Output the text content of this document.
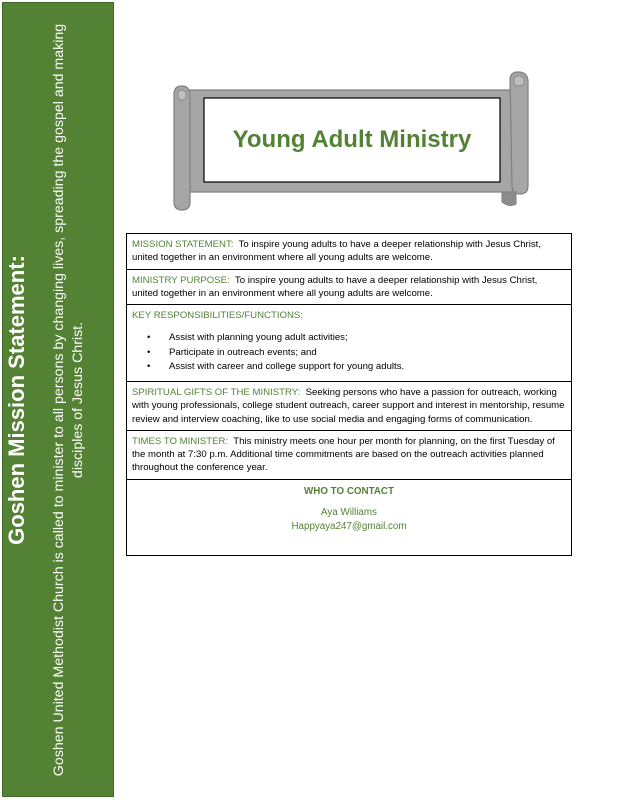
Goshen Mission Statement: Goshen United Methodist Church is called to minister to all persons by changing lives, spreading the gospel and making disciples of Jesus Christ.

Young Adult Ministry
MISSION STATEMENT: To inspire young adults to have a deeper relationship with Jesus Christ, united together in an environment where all young adults are welcome.
MINISTRY PURPOSE: To inspire young adults to have a deeper relationship with Jesus Christ, united together in an environment where all young adults are welcome.
KEY RESPONSIBILITIES/FUNCTIONS:
• Assist with planning young adult activities;
• Participate in outreach events; and
• Assist with career and college support for young adults.
SPIRITUAL GIFTS OF THE MINISTRY: Seeking persons who have a passion for outreach, working with young professionals, college student outreach, career support and interest in mentorship, resume review and interview coaching, like to use social media and engaging forms of communication.
TIMES TO MINISTER: This ministry meets one hour per month for planning, on the first Tuesday of the month at 7:30 p.m. Additional time commitments are based on the outreach activities planned throughout the conference year.

WHO TO CONTACT

Aya Williams

Happyaya247@gmail.com
